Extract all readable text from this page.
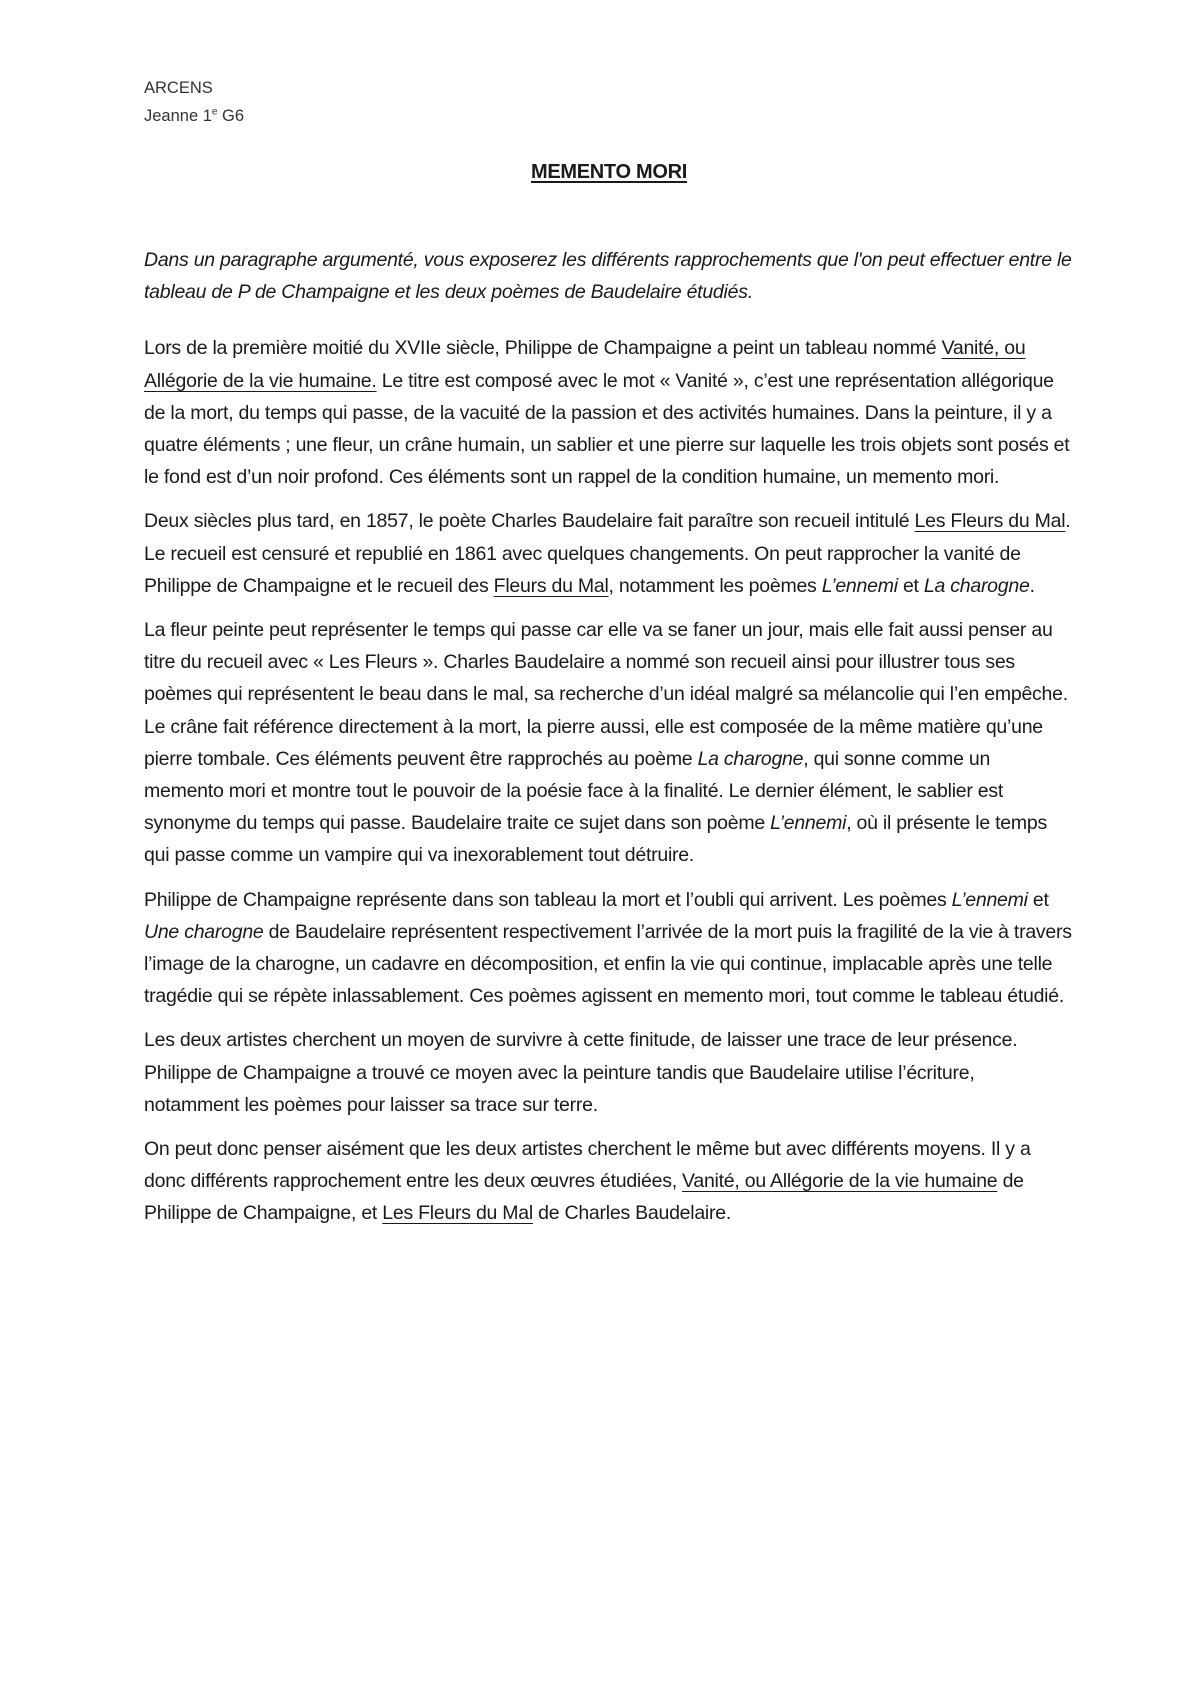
ARCENS

Jeanne 1e G6

MEMENTO MORI

Dans un paragraphe argumenté, vous exposerez les différents rapprochements que l'on peut effectuer entre le tableau de P de Champaigne et les deux poèmes de Baudelaire étudiés.

Lors de la première moitié du XVIIe siècle, Philippe de Champaigne a peint un tableau nommé Vanité, ou Allégorie de la vie humaine. Le titre est composé avec le mot « Vanité », c’est une représentation allégorique de la mort, du temps qui passe, de la vacuité de la passion et des activités humaines. Dans la peinture, il y a quatre éléments ; une fleur, un crâne humain, un sablier et une pierre sur laquelle les trois objets sont posés et le fond est d’un noir profond. Ces éléments sont un rappel de la condition humaine, un memento mori.

Deux siècles plus tard, en 1857, le poète Charles Baudelaire fait paraître son recueil intitulé Les Fleurs du Mal. Le recueil est censuré et republié en 1861 avec quelques changements. On peut rapprocher la vanité de Philippe de Champaigne et le recueil des Fleurs du Mal, notamment les poèmes L’ennemi et La charogne.

La fleur peinte peut représenter le temps qui passe car elle va se faner un jour, mais elle fait aussi penser au titre du recueil avec « Les Fleurs ». Charles Baudelaire a nommé son recueil ainsi pour illustrer tous ses poèmes qui représentent le beau dans le mal, sa recherche d’un idéal malgré sa mélancolie qui l’en empêche. Le crâne fait référence directement à la mort, la pierre aussi, elle est composée de la même matière qu’une pierre tombale. Ces éléments peuvent être rapprochés au poème La charogne, qui sonne comme un memento mori et montre tout le pouvoir de la poésie face à la finalité. Le dernier élément, le sablier est synonyme du temps qui passe. Baudelaire traite ce sujet dans son poème L’ennemi, où il présente le temps qui passe comme un vampire qui va inexorablement tout détruire.

Philippe de Champaigne représente dans son tableau la mort et l’oubli qui arrivent. Les poèmes L’ennemi et Une charogne de Baudelaire représentent respectivement l’arrivée de la mort puis la fragilité de la vie à travers l’image de la charogne, un cadavre en décomposition, et enfin la vie qui continue, implacable après une telle tragédie qui se répète inlassablement. Ces poèmes agissent en memento mori, tout comme le tableau étudié.

Les deux artistes cherchent un moyen de survivre à cette finitude, de laisser une trace de leur présence. Philippe de Champaigne a trouvé ce moyen avec la peinture tandis que Baudelaire utilise l’écriture, notamment les poèmes pour laisser sa trace sur terre.

On peut donc penser aisément que les deux artistes cherchent le même but avec différents moyens. Il y a donc différents rapprochement entre les deux œuvres étudiées, Vanité, ou Allégorie de la vie humaine de Philippe de Champaigne, et Les Fleurs du Mal de Charles Baudelaire.
